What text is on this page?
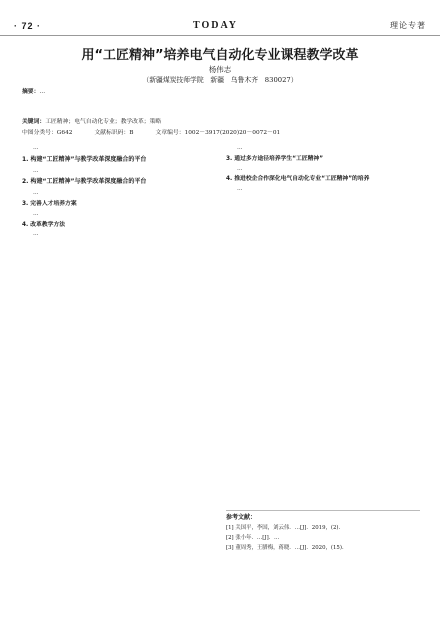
· 72 ·	TODAY	理论专著
用“工匠精神”培养电气自动化专业课程教学改革
杨伟志
（新疆煤炭技师学院　新疆　乌鲁木齐　830027）
摘要：…
关键词：工匠精神；电气自动化专业；教学改革；策略
中图分类号：G642	文献标识码：B	文章编号：1002－3917(2020)20－0072－01

…

1. 构建“工匠精神”与教学改革深度融合的平台

…

2. 构建“工匠精神”与教学改革深度融合的平台

…

3. 完善人才培养方案

…

4. 改革教学方法

…

…

3. 通过多方途径培养学生“工匠精神”

…

4. 推进校企合作深化电气自动化专业“工匠精神”的培养

…

参考文献：

[1] 关国平，李国，刘云伟．…[J]．2019，(2)．

[2] 张小年．…[J]．…

[3] 董周秀，王腊梅，蒋晓．…[J]．2020，(15)．
